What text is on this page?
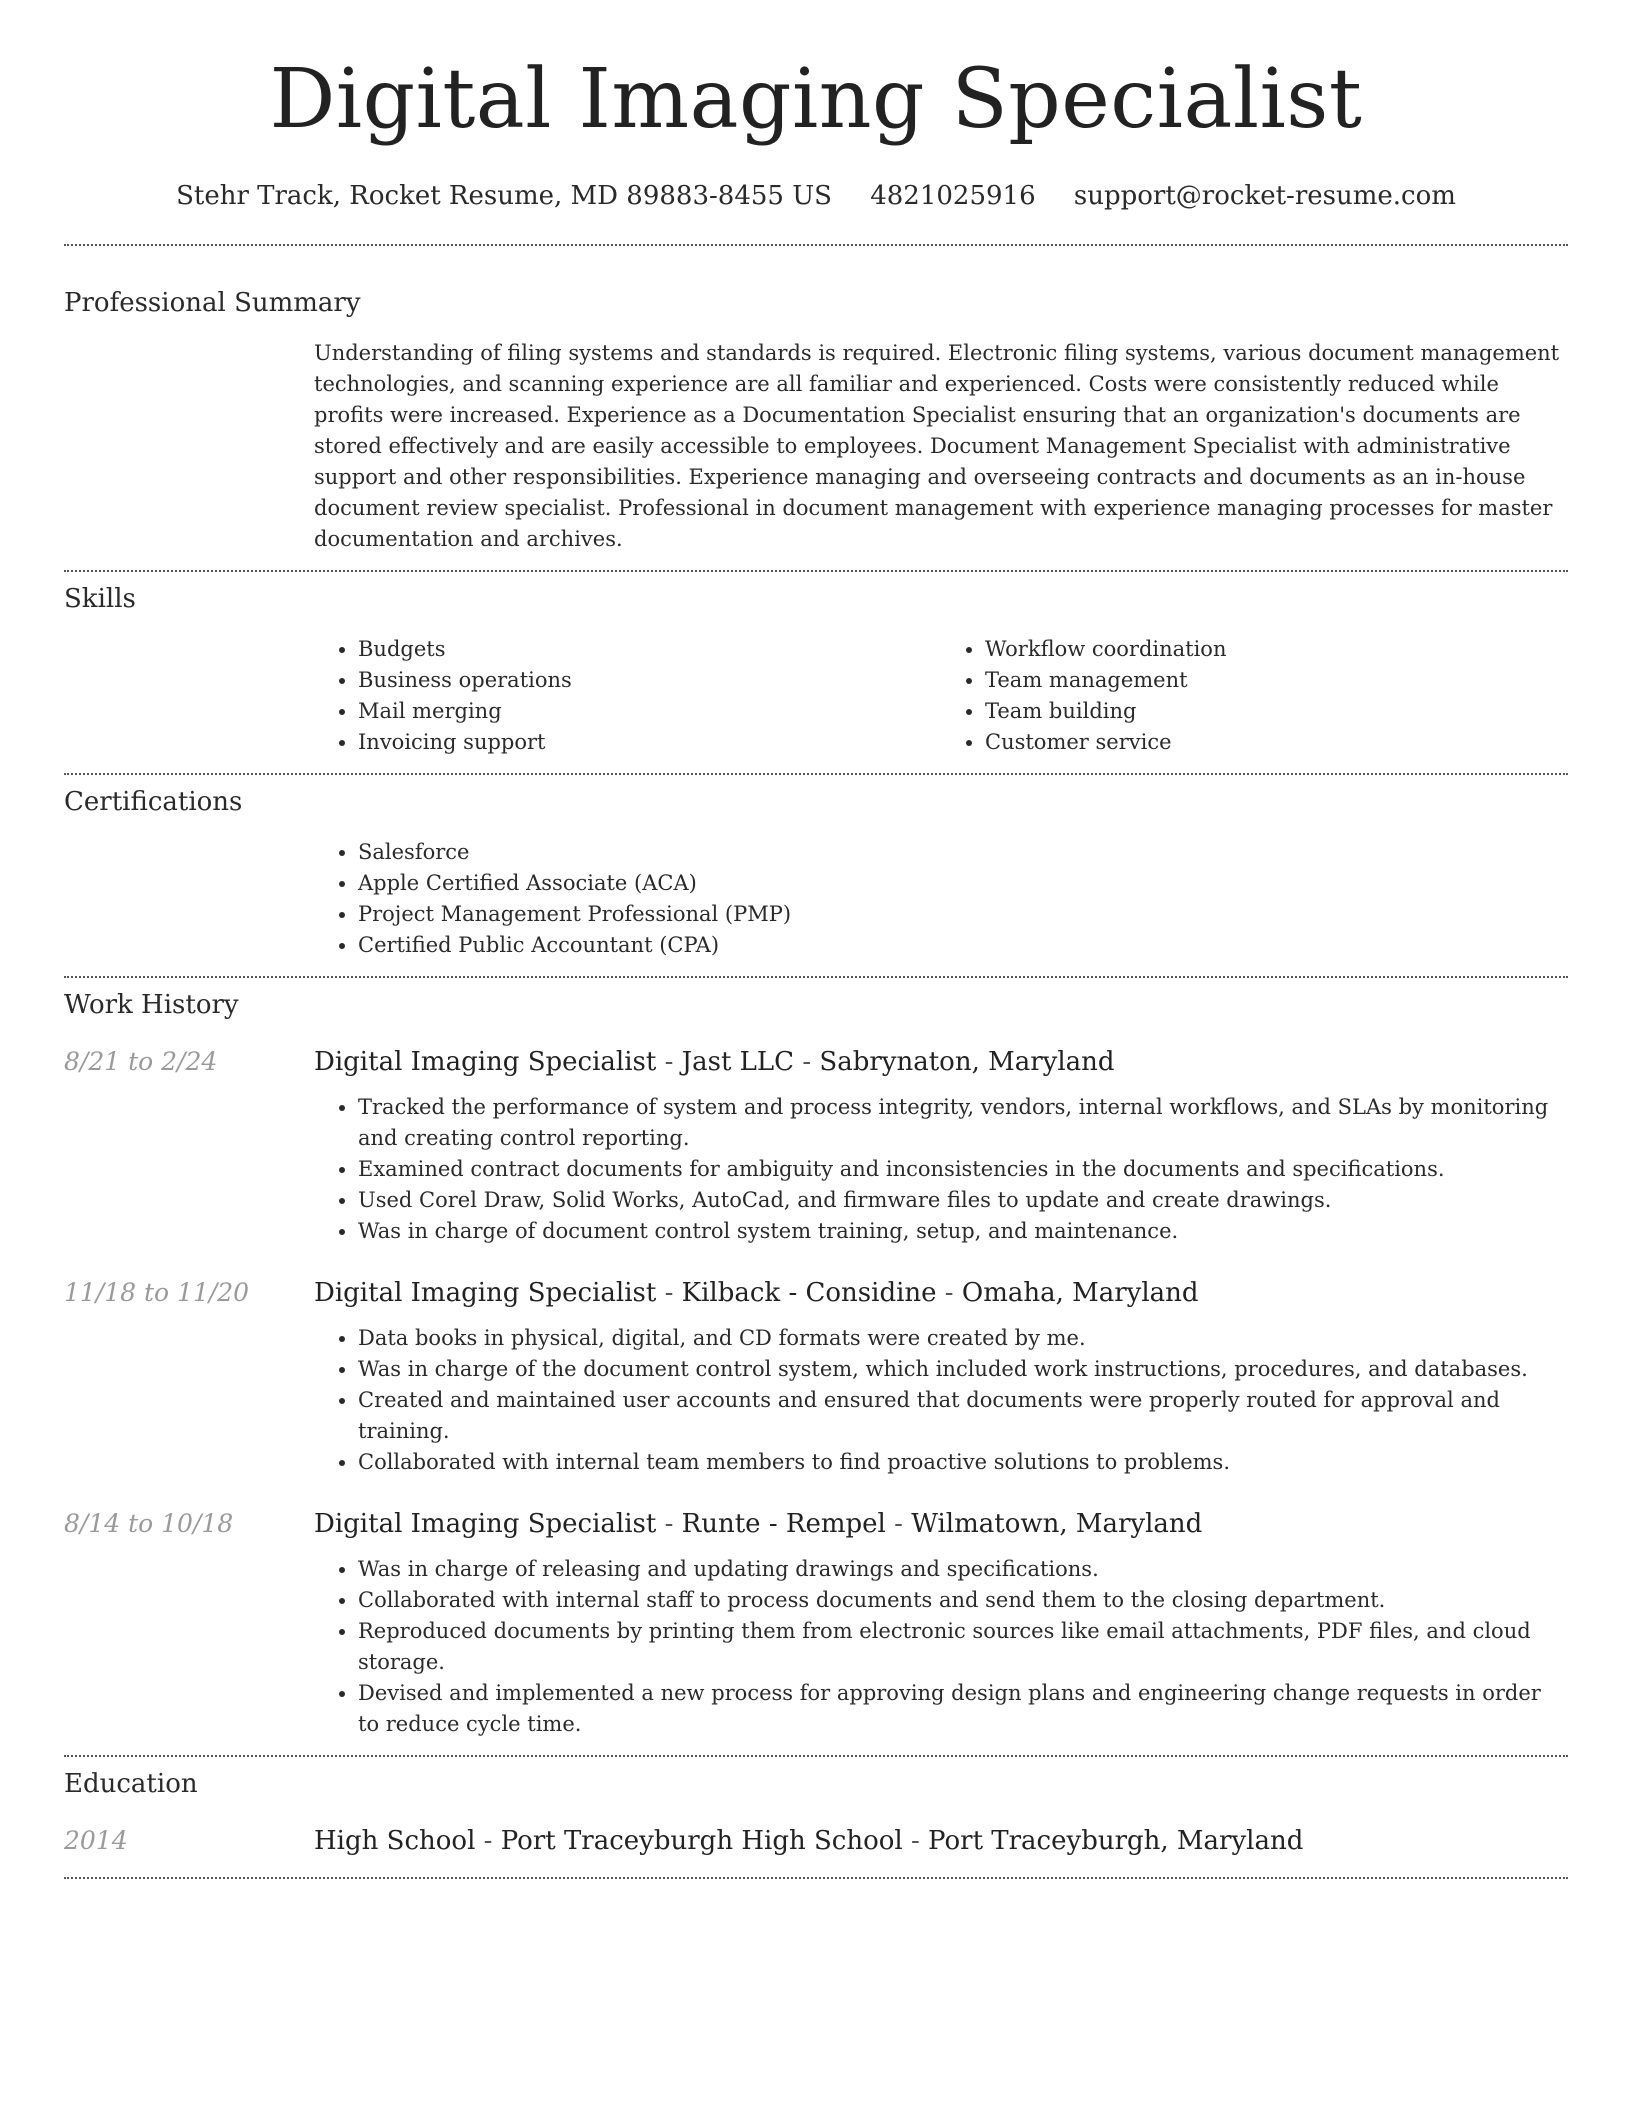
Digital Imaging Specialist
Stehr Track, Rocket Resume, MD 89883-8455 US 4821025916 support@rocket-resume.com
Professional Summary
Understanding of filing systems and standards is required. Electronic filing systems, various document management technologies, and scanning experience are all familiar and experienced. Costs were consistently reduced while profits were increased. Experience as a Documentation Specialist ensuring that an organization's documents are stored effectively and are easily accessible to employees. Document Management Specialist with administrative support and other responsibilities. Experience managing and overseeing contracts and documents as an in-house document review specialist. Professional in document management with experience managing processes for master documentation and archives.
Skills
• Budgets
• Business operations
• Mail merging
• Invoicing support
• Workflow coordination
• Team management
• Team building
• Customer service
Certifications
• Salesforce
• Apple Certified Associate (ACA)
• Project Management Professional (PMP)
• Certified Public Accountant (CPA)
Work History
8/21 to 2/24	Digital Imaging Specialist - Jast LLC - Sabrynaton, Maryland
• Tracked the performance of system and process integrity, vendors, internal workflows, and SLAs by monitoring and creating control reporting.
• Examined contract documents for ambiguity and inconsistencies in the documents and specifications.
• Used Corel Draw, Solid Works, AutoCad, and firmware files to update and create drawings.
• Was in charge of document control system training, setup, and maintenance.
11/18 to 11/20	Digital Imaging Specialist - Kilback - Considine - Omaha, Maryland
• Data books in physical, digital, and CD formats were created by me.
• Was in charge of the document control system, which included work instructions, procedures, and databases.
• Created and maintained user accounts and ensured that documents were properly routed for approval and training.
• Collaborated with internal team members to find proactive solutions to problems.
8/14 to 10/18	Digital Imaging Specialist - Runte - Rempel - Wilmatown, Maryland
• Was in charge of releasing and updating drawings and specifications.
• Collaborated with internal staff to process documents and send them to the closing department.
• Reproduced documents by printing them from electronic sources like email attachments, PDF files, and cloud storage.
• Devised and implemented a new process for approving design plans and engineering change requests in order to reduce cycle time.
Education
2014	High School - Port Traceyburgh High School - Port Traceyburgh, Maryland
